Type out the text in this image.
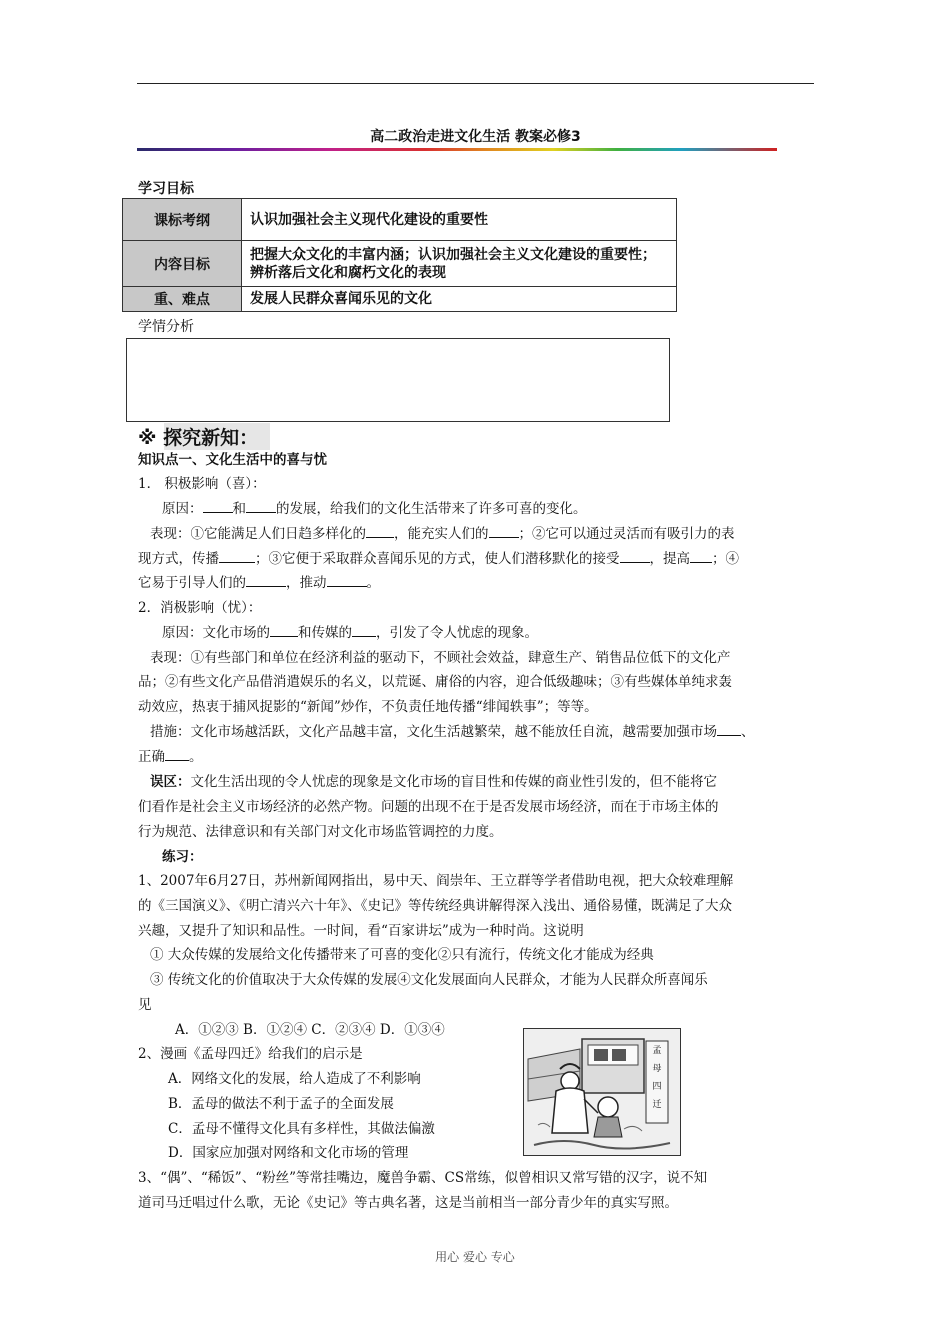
高二政治走进文化生活 教案必修3
学习目标
课标考纲	认识加强社会主义现代化建设的重要性
内容目标	把握大众文化的丰富内涵；认识加强社会主义文化建设的重要性；辨析落后文化和腐朽文化的表现
重、难点	发展人民群众喜闻乐见的文化
学情分析
※ 探究新知：
知识点一、文化生活中的喜与忧
1． 积极影响（喜）：
原因： 和 的发展，给我们的文化生活带来了许多可喜的变化。
表现：①它能满足人们日趋多样化的 ，能充实人们的 ；②它可以通过灵活而有吸引力的表
现方式，传播	；③它便于采取群众喜闻乐见的方式，使人们潜移默化的接受 ，提高 ；④
它易于引导人们的	，推动	。
2．消极影响（忧）：
原因：文化市场的 和传媒的 ，引发了令人忧虑的现象。
表现：①有些部门和单位在经济利益的驱动下，不顾社会效益，肆意生产、销售品位低下的文化产
品；②有些文化产品借消遣娱乐的名义，以荒诞、庸俗的内容，迎合低级趣味；③有些媒体单纯求轰
动效应，热衷于捕风捉影的“新闻”炒作，不负责任地传播“绯闻轶事”；等等。
措施：文化市场越活跃，文化产品越丰富，文化生活越繁荣，越不能放任自流，越需要加强市场 、
正确 。
误区：文化生活出现的令人忧虑的现象是文化市场的盲目性和传媒的商业性引发的，但不能将它
们看作是社会主义市场经济的必然产物。问题的出现不在于是否发展市场经济，而在于市场主体的
行为规范、法律意识和有关部门对文化市场监管调控的力度。
练习：
1、2007年6月27日，苏州新闻网指出，易中天、阎崇年、王立群等学者借助电视，把大众较难理解
的《三国演义》、《明亡清兴六十年》、《史记》等传统经典讲解得深入浅出、通俗易懂，既满足了大众
兴趣，又提升了知识和品性。一时间，看“百家讲坛”成为一种时尚。这说明
① 大众传媒的发展给文化传播带来了可喜的变化②只有流行，传统文化才能成为经典
③ 传统文化的价值取决于大众传媒的发展④文化发展面向人民群众，才能为人民群众所喜闻乐
见
A．①②③ B．①②④ C．②③④ D．①③④
2、漫画《孟母四迁》给我们的启示是
A．网络文化的发展，给人造成了不利影响
B．孟母的做法不利于孟子的全面发展
C．孟母不懂得文化具有多样性，其做法偏激
D．国家应加强对网络和文化市场的管理
孟
母
四
迁
3、“偶”、“稀饭”、“粉丝”等常挂嘴边，魔兽争霸、CS常练，似曾相识又常写错的汉字，说不知
道司马迁唱过什么歌，无论《史记》等古典名著，这是当前相当一部分青少年的真实写照。
用心 爱心 专心
